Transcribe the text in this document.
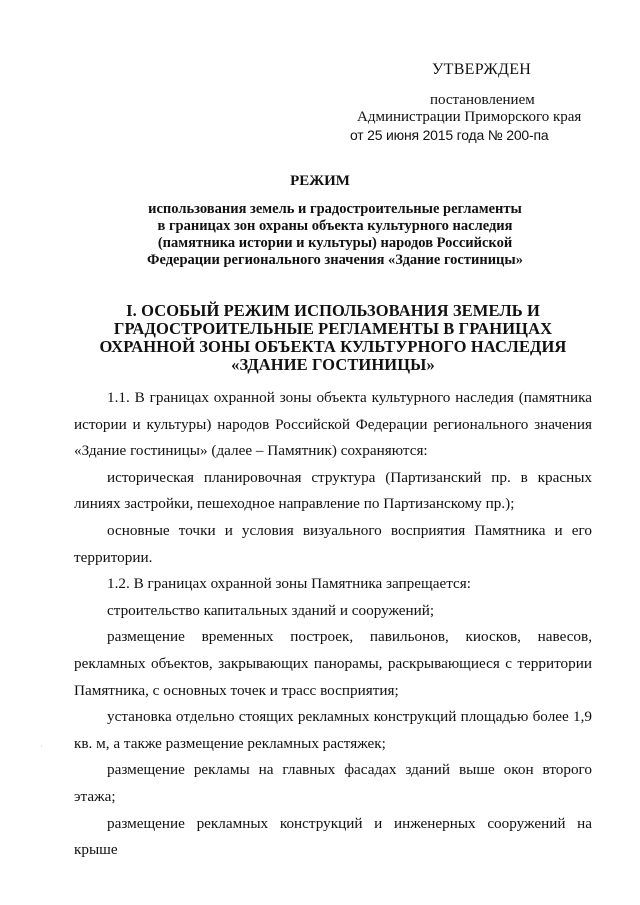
УТВЕРЖДЕН
постановлением
Администрации Приморского края
от 25 июня 2015 года № 200-па
РЕЖИМ
использования земель и градостроительные регламенты
в границах зон охраны объекта культурного наследия
(памятника истории и культуры) народов Российской
Федерации регионального значения «Здание гостиницы»
I. ОСОБЫЙ РЕЖИМ ИСПОЛЬЗОВАНИЯ ЗЕМЕЛЬ И
ГРАДОСТРОИТЕЛЬНЫЕ РЕГЛАМЕНТЫ В ГРАНИЦАХ
ОХРАННОЙ ЗОНЫ ОБЪЕКТА КУЛЬТУРНОГО НАСЛЕДИЯ
«ЗДАНИЕ ГОСТИНИЦЫ»

1.1. В границах охранной зоны объекта культурного наследия (памятника истории и культуры) народов Российской Федерации регионального значения «Здание гостиницы» (далее – Памятник) сохраняются:

историческая планировочная структура (Партизанский пр. в красных линиях застройки, пешеходное направление по Партизанскому пр.);

основные точки и условия визуального восприятия Памятника и его территории.

1.2. В границах охранной зоны Памятника запрещается:

строительство капитальных зданий и сооружений;

размещение временных построек, павильонов, киосков, навесов, рекламных объектов, закрывающих панорамы, раскрывающиеся с территории Памятника, с основных точек и трасс восприятия;

установка отдельно стоящих рекламных конструкций площадью более 1,9 кв. м, а также размещение рекламных растяжек;

размещение рекламы на главных фасадах зданий выше окон второго этажа;

размещение рекламных конструкций и инженерных сооружений на крыше

·
